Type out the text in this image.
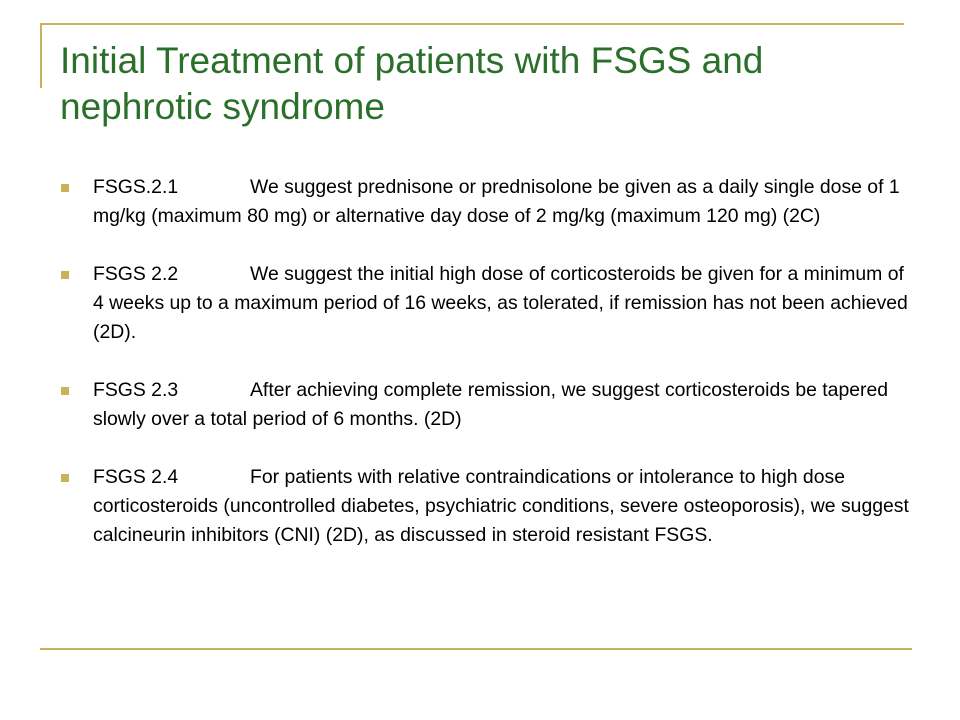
Initial Treatment of patients with FSGS and nephrotic syndrome
FSGS.2.1	We suggest prednisone or prednisolone be given as a daily single dose of 1 mg/kg (maximum 80 mg) or alternative day dose of 2 mg/kg (maximum 120 mg) (2C)
FSGS 2.2	We suggest the initial high dose of corticosteroids be given for a minimum of 4 weeks up to a maximum period of 16 weeks, as tolerated, if remission has not been achieved (2D).
FSGS 2.3	After achieving complete remission, we suggest corticosteroids be tapered slowly over a total period of 6 months. (2D)
FSGS 2.4	For patients with relative contraindications or intolerance to high dose corticosteroids (uncontrolled diabetes, psychiatric conditions, severe osteoporosis), we suggest calcineurin inhibitors (CNI) (2D), as discussed in steroid resistant FSGS.
